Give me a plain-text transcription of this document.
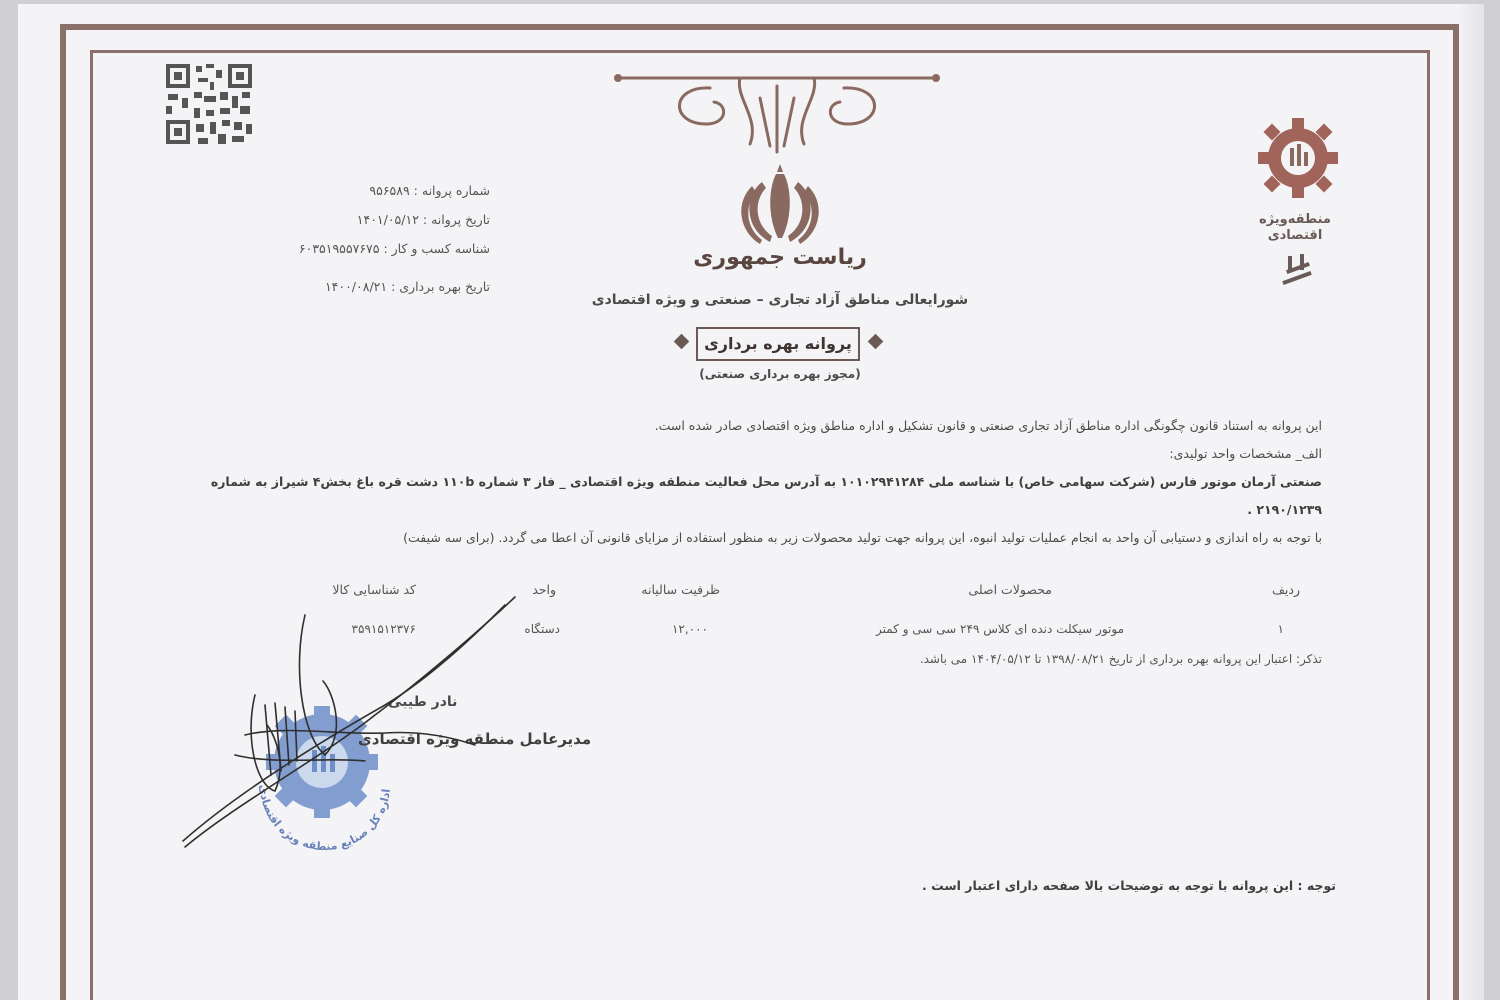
شماره پروانه : ۹۵۶۵۸۹
تاریخ پروانه : ۱۴۰۱/۰۵/۱۲
شناسه کسب و کار : ۶۰۳۵۱۹۵۵۷۶۷۵
تاریخ بهره برداری : ۱۴۰۰/۰۸/۲۱
ریاست جمهوری
شورایعالی مناطق آزاد تجاری – صنعتی و ویژه اقتصادی
پروانه بهره برداری
(مجوز بهره برداری صنعتی)
منطقه‌ویژه
اقتصادی
این پروانه به استناد قانون چگونگی اداره مناطق آزاد تجاری صنعتی و قانون تشکیل و اداره مناطق ویژه اقتصادی صادر شده است.
الف_ مشخصات واحد تولیدی:
صنعتی آرمان موتور فارس (شرکت سهامی خاص) با شناسه ملی ۱۰۱۰۲۹۴۱۲۸۴ به آدرس محل فعالیت منطقه ویژه اقتصادی _ فاز ۳ شماره ۱۱۰b دشت قره باغ بخش۴ شیراز به شماره
۲۱۹۰/۱۲۳۹ .
با توجه به راه اندازی و دستیابی آن واحد به انجام عملیات تولید انبوه، این پروانه جهت تولید محصولات زیر به منظور استفاده از مزایای قانونی آن اعطا می گردد. (برای سه شیفت)
ردیف
محصولات اصلی
ظرفیت سالیانه
واحد
کد شناسایی کالا
۱
موتور سیکلت دنده ای کلاس ۲۴۹ سی سی و کمتر
۱۲,۰۰۰
دستگاه
۳۵۹۱۵۱۲۳۷۶
تذکر: اعتبار این پروانه بهره برداری از تاریخ ۱۳۹۸/۰۸/۲۱ تا ۱۴۰۴/۰۵/۱۲ می باشد.
اداره کل صنایع منطقه ویژه اقتصادی
نادر طیبی
مدیرعامل منطقه ویژه اقتصادی
توجه : این پروانه با توجه به توضیحات بالا صفحه دارای اعتبار است .
